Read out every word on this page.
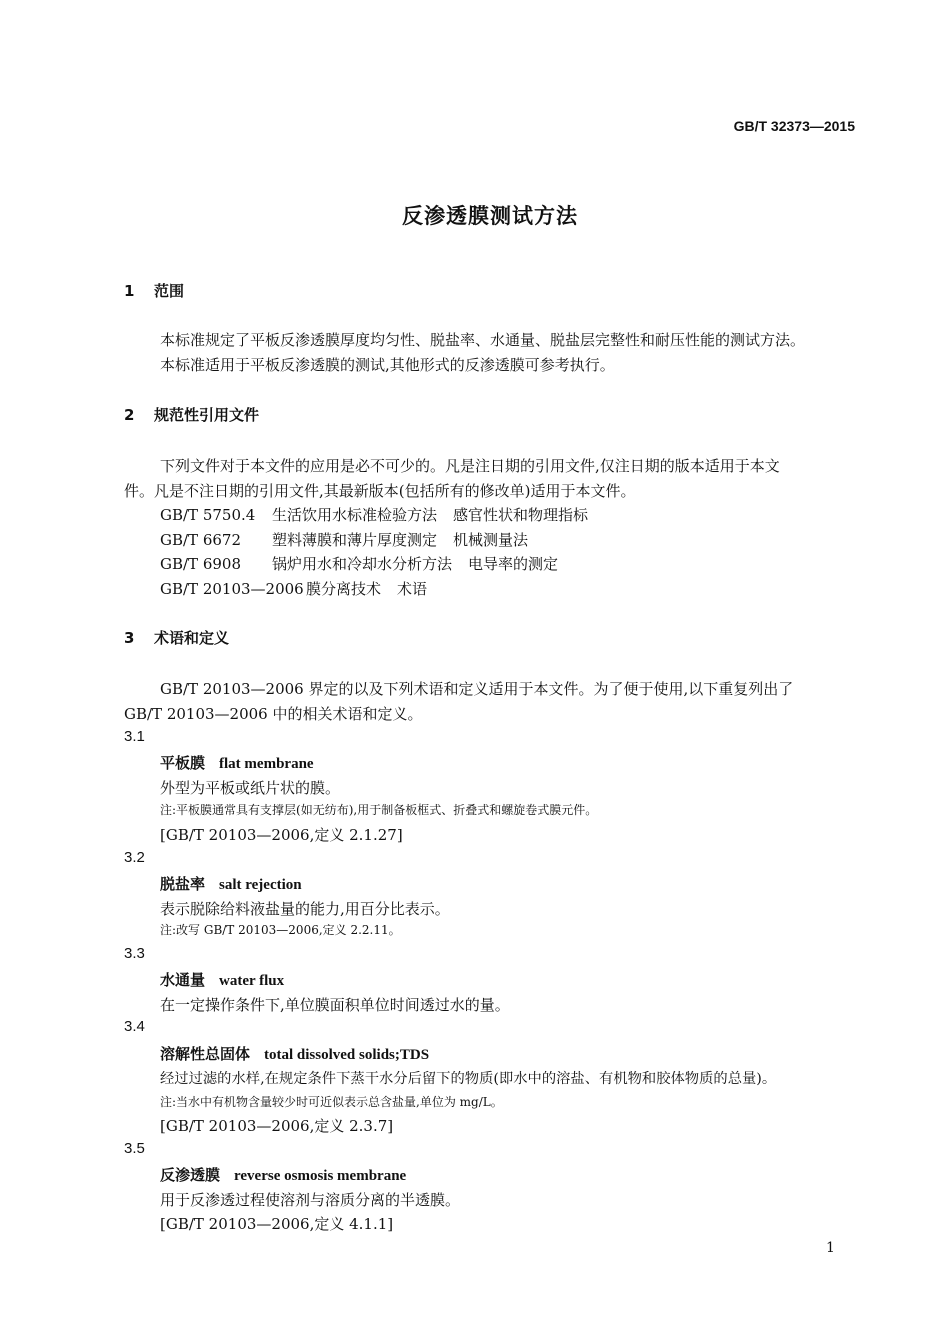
GB/T 32373—2015
反渗透膜测试方法
1 范围
本标准规定了平板反渗透膜厚度均匀性、脱盐率、水通量、脱盐层完整性和耐压性能的测试方法。
本标准适用于平板反渗透膜的测试,其他形式的反渗透膜可参考执行。
2 规范性引用文件
下列文件对于本文件的应用是必不可少的。凡是注日期的引用文件,仅注日期的版本适用于本文
件。凡是不注日期的引用文件,其最新版本(包括所有的修改单)适用于本文件。
GB/T 5750.4 生活饮用水标准检验方法 感官性状和物理指标
GB/T 6672 塑料薄膜和薄片厚度测定 机械测量法
GB/T 6908 锅炉用水和冷却水分析方法 电导率的测定
GB/T 20103—2006 膜分离技术 术语
3 术语和定义
GB/T 20103—2006 界定的以及下列术语和定义适用于本文件。为了便于使用,以下重复列出了
GB/T 20103—2006 中的相关术语和定义。
3.1
平板膜 flat membrane
外型为平板或纸片状的膜。
注:平板膜通常具有支撑层(如无纺布),用于制备板框式、折叠式和螺旋卷式膜元件。
[GB/T 20103—2006,定义 2.1.27]
3.2
脱盐率 salt rejection
表示脱除给料液盐量的能力,用百分比表示。
注:改写 GB/T 20103—2006,定义 2.2.11。
3.3
水通量 water flux
在一定操作条件下,单位膜面积单位时间透过水的量。
3.4
溶解性总固体 total dissolved solids;TDS
经过过滤的水样,在规定条件下蒸干水分后留下的物质(即水中的溶盐、有机物和胶体物质的总量)。
注:当水中有机物含量较少时可近似表示总含盐量,单位为 mg/L。
[GB/T 20103—2006,定义 2.3.7]
3.5
反渗透膜 reverse osmosis membrane
用于反渗透过程使溶剂与溶质分离的半透膜。
[GB/T 20103—2006,定义 4.1.1]
1
